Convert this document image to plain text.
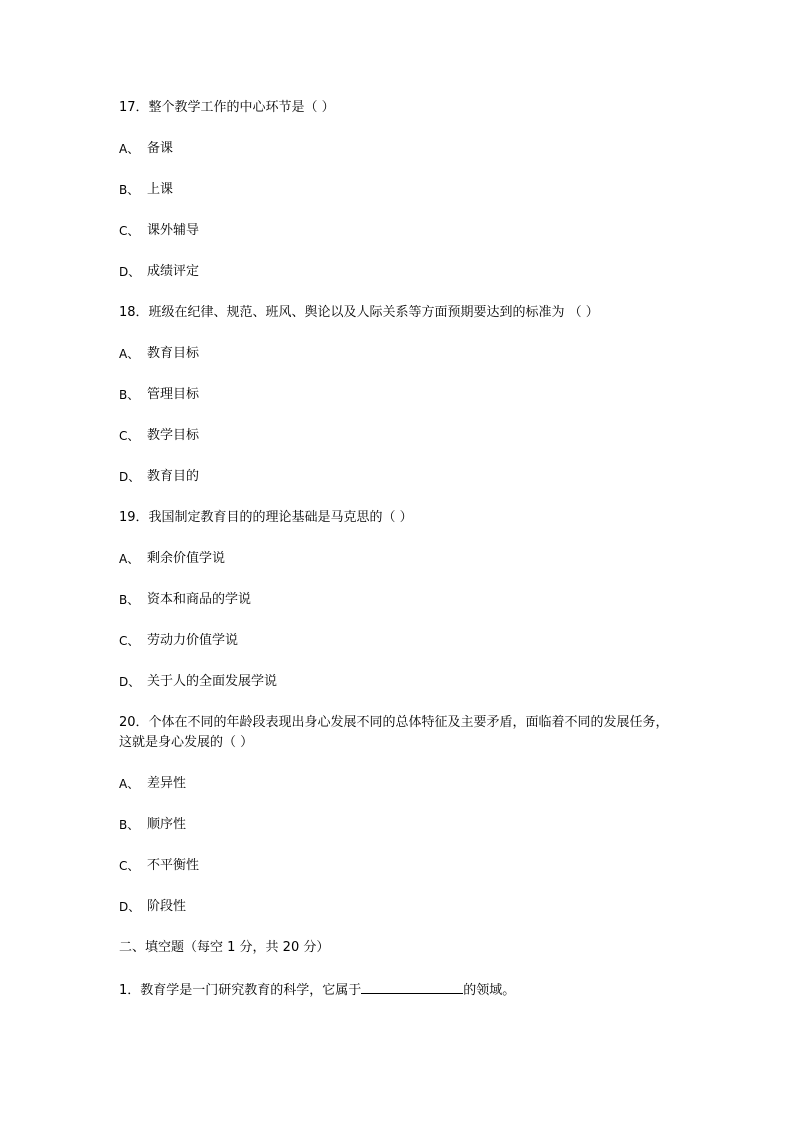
17．整个教学工作的中心环节是（ ）
A、 备课
B、 上课
C、 课外辅导
D、 成绩评定
18．班级在纪律、规范、班风、舆论以及人际关系等方面预期要达到的标准为 （ ）
A、 教育目标
B、 管理目标
C、 教学目标
D、 教育目的
19．我国制定教育目的的理论基础是马克思的（ ）
A、 剩余价值学说
B、 资本和商品的学说
C、 劳动力价值学说
D、 关于人的全面发展学说
20．个体在不同的年龄段表现出身心发展不同的总体特征及主要矛盾，面临着不同的发展任务，这就是身心发展的（ ）
A、 差异性
B、 顺序性
C、 不平衡性
D、 阶段性
二、填空题（每空 1 分，共 20 分）
1．教育学是一门研究教育的科学，它属于	的领域。
